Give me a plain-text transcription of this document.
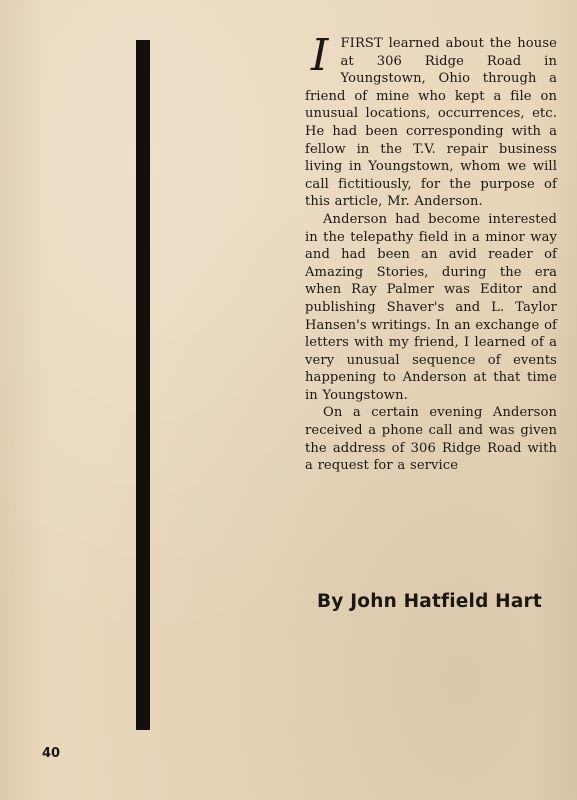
I FIRST learned about the house at 306 Ridge Road in Youngstown, Ohio through a friend of mine who kept a file on unusual locations, occurrences, etc. He had been corresponding with a fellow in the T.V. repair business living in Youngstown, whom we will call fictitiously, for the purpose of this article, Mr. Anderson.

Anderson had become interested in the telepathy field in a minor way and had been an avid reader of Amazing Stories, during the era when Ray Palmer was Editor and publishing Shaver's and L. Taylor Hansen's writings. In an exchange of letters with my friend, I learned of a very unusual sequence of events happening to Anderson at that time in Youngstown.

On a certain evening Anderson received a phone call and was given the address of 306 Ridge Road with a request for a service

By John Hatfield Hart
40
